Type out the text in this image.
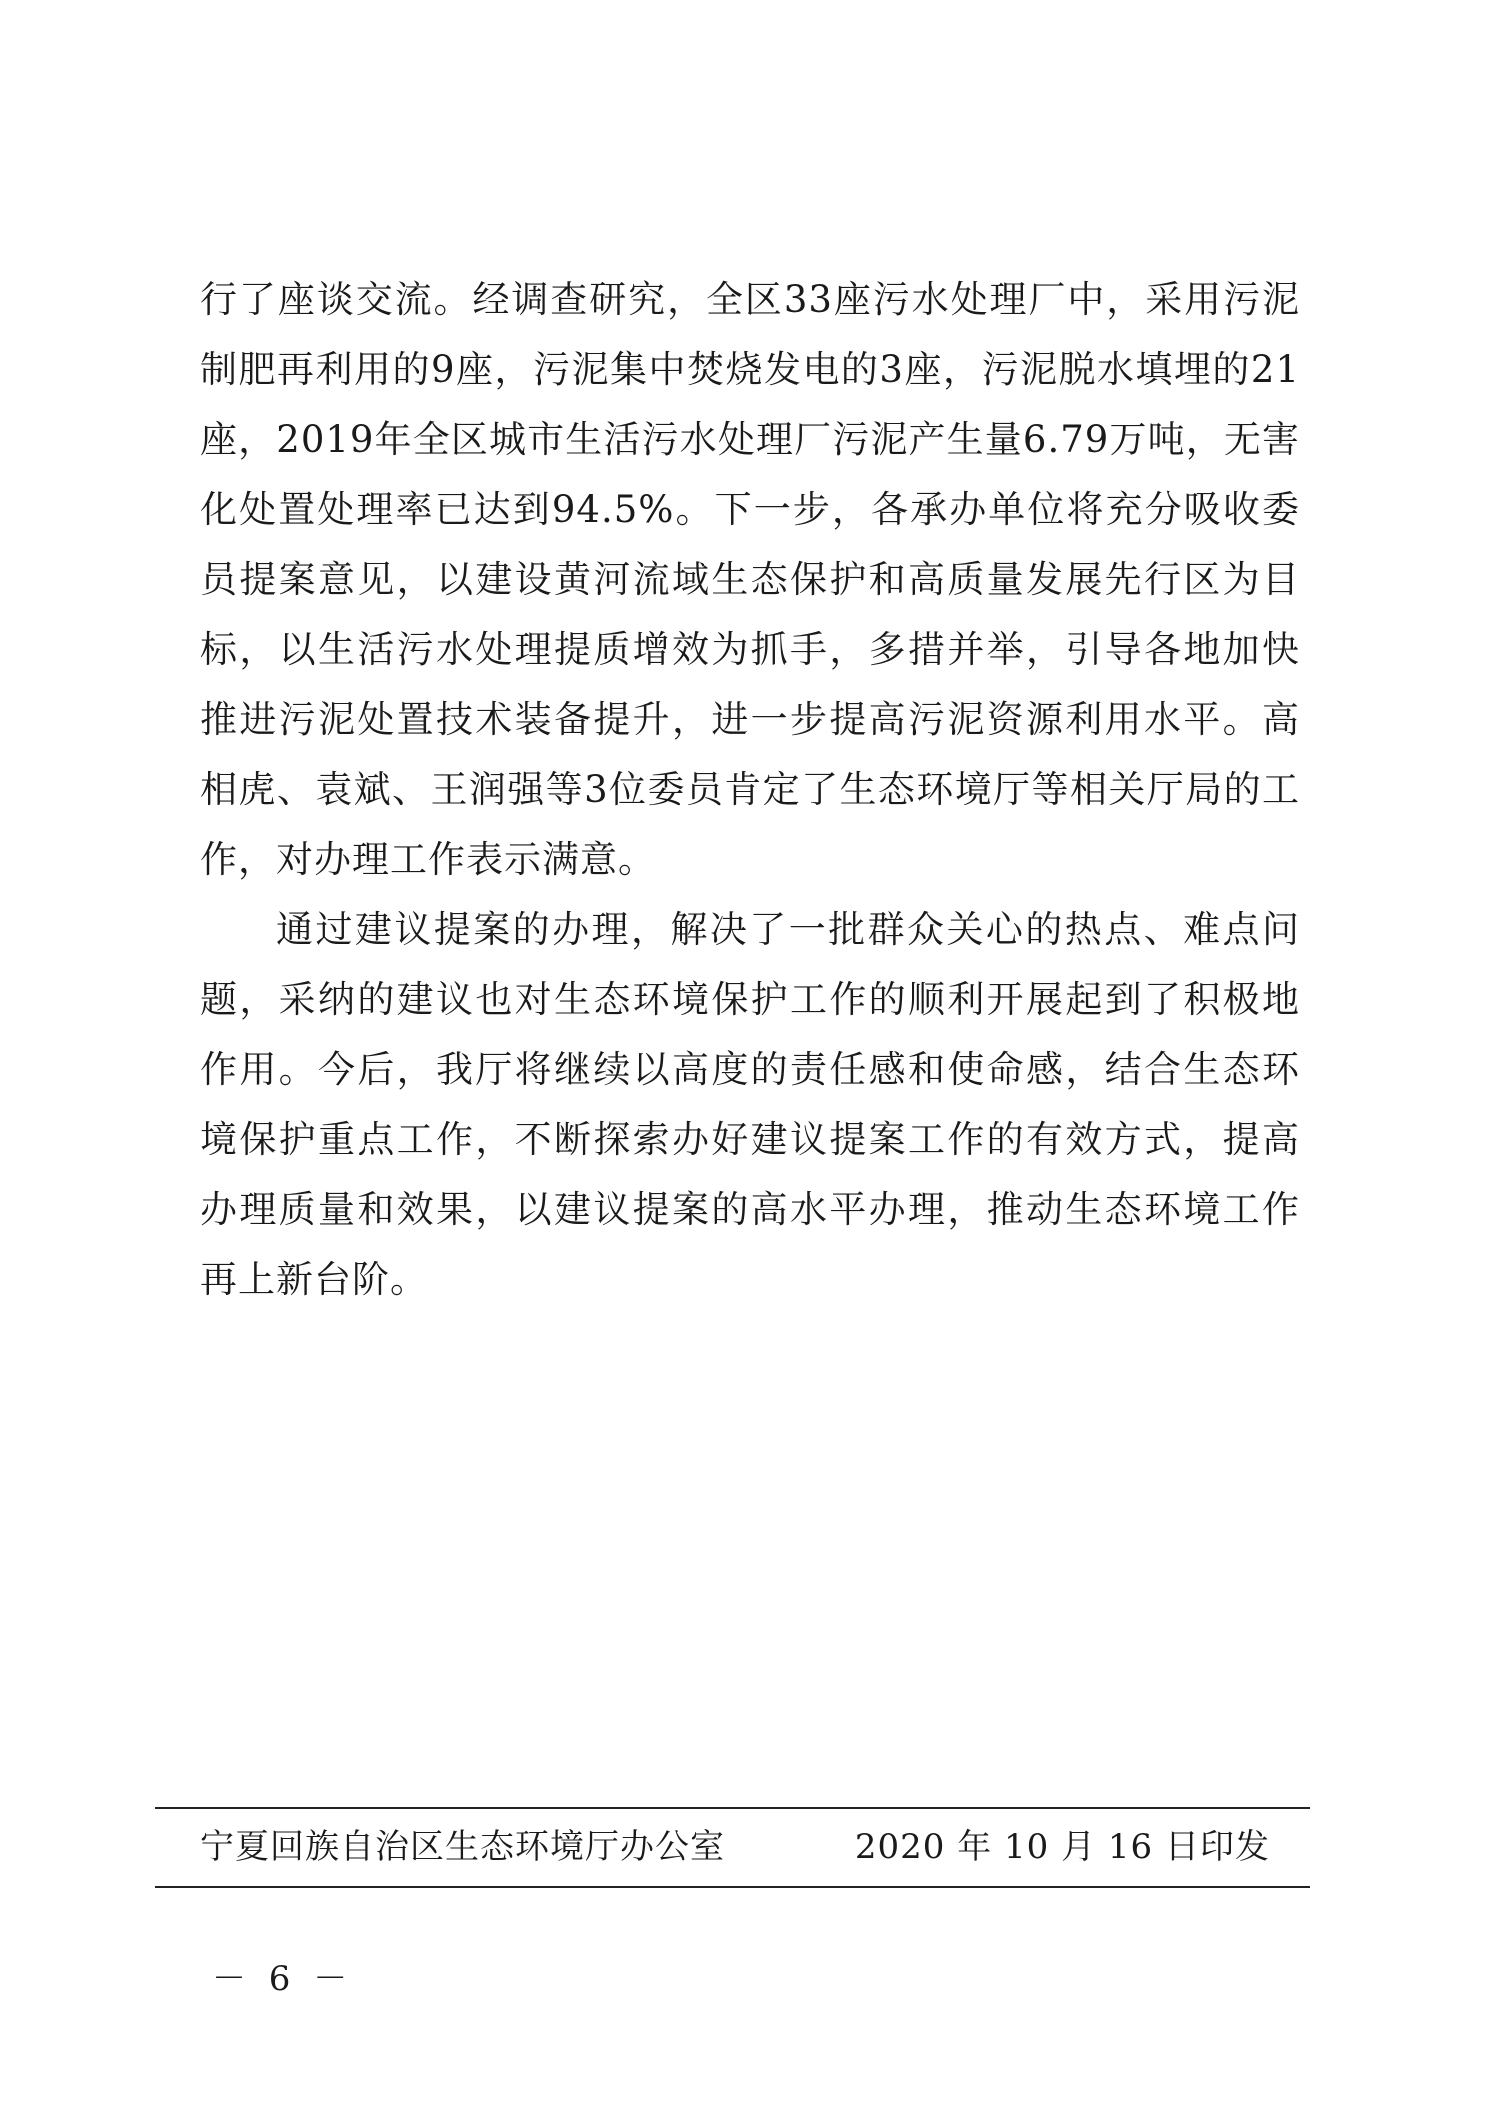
行了座谈交流。经调查研究，全区33座污水处理厂中，采用污泥制肥再利用的9座，污泥集中焚烧发电的3座，污泥脱水填埋的21座，2019年全区城市生活污水处理厂污泥产生量6.79万吨，无害化处置处理率已达到94.5%。下一步，各承办单位将充分吸收委员提案意见，以建设黄河流域生态保护和高质量发展先行区为目标，以生活污水处理提质增效为抓手，多措并举，引导各地加快推进污泥处置技术装备提升，进一步提高污泥资源利用水平。高相虎、袁斌、王润强等3位委员肯定了生态环境厅等相关厅局的工作，对办理工作表示满意。

通过建议提案的办理，解决了一批群众关心的热点、难点问题，采纳的建议也对生态环境保护工作的顺利开展起到了积极地作用。今后，我厅将继续以高度的责任感和使命感，结合生态环境保护重点工作，不断探索办好建议提案工作的有效方式，提高办理质量和效果，以建议提案的高水平办理，推动生态环境工作再上新台阶。

宁夏回族自治区生态环境厅办公室	2020 年 10 月 16 日印发
－ 6 －
